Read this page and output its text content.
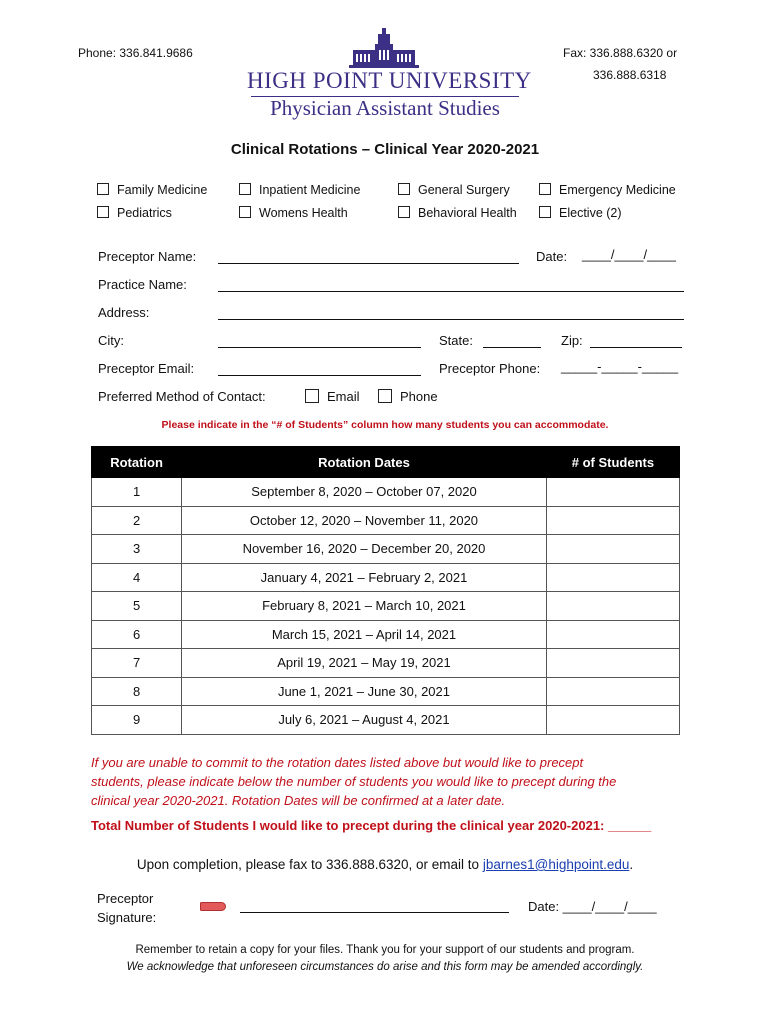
Phone: 336.841.9686	Fax: 336.888.6320 or
336.888.6318
HIGH POINT UNIVERSITY
Physician Assistant Studies
Clinical Rotations – Clinical Year 2020-2021
Family Medicine	Inpatient Medicine	General Surgery	Emergency Medicine
Pediatrics	Womens Health	Behavioral Health	Elective (2)
Preceptor Name:	Date: ____/____/____
Practice Name:
Address:
City:	State:	Zip:
Preceptor Email:	Preceptor Phone: _____-_____-_____
Preferred Method of Contact:	Email	Phone
Please indicate in the “# of Students” column how many students you can accommodate.
Rotation	Rotation Dates	# of Students
1	September 8, 2020 – October 07, 2020	
2	October 12, 2020 – November 11, 2020	
3	November 16, 2020 – December 20, 2020	
4	January 4, 2021 – February 2, 2021	
5	February 8, 2021 – March 10, 2021	
6	March 15, 2021 – April 14, 2021	
7	April 19, 2021 – May 19, 2021	
8	June 1, 2021 – June 30, 2021	
9	July 6, 2021 – August 4, 2021	
If you are unable to commit to the rotation dates listed above but would like to precept
students, please indicate below the number of students you would like to precept during the
clinical year 2020-2021. Rotation Dates will be confirmed at a later date.
Total Number of Students I would like to precept during the clinical year 2020-2021: ______
Upon completion, please fax to 336.888.6320, or email to jbarnes1@highpoint.edu.
Preceptor
Signature:
Date: ____/____/____
Remember to retain a copy for your files. Thank you for your support of our students and program.
We acknowledge that unforeseen circumstances do arise and this form may be amended accordingly.
